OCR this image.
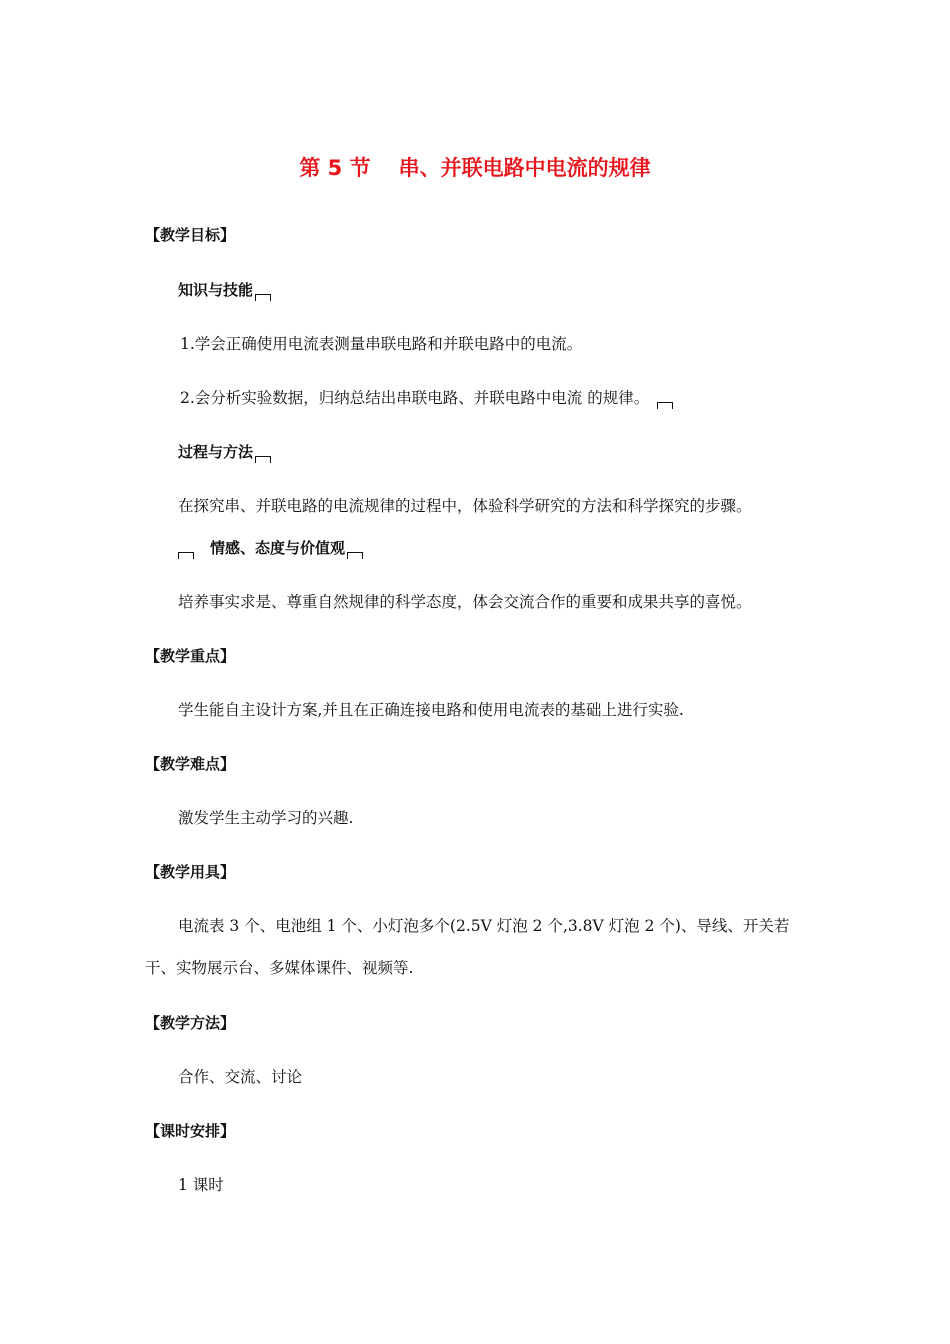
第 5 节 串、并联电路中电流的规律
【教学目标】
知识与技能
1.学会正确使用电流表测量串联电路和并联电路中的电流。
2.会分析实验数据，归纳总结出串联电路、并联电路中电流 的规律。
过程与方法
在探究串、并联电路的电流规律的过程中，体验科学研究的方法和科学探究的步骤。
情感、态度与价值观
培养事实求是、尊重自然规律的科学态度，体会交流合作的重要和成果共享的喜悦。
【教学重点】
学生能自主设计方案,并且在正确连接电路和使用电流表的基础上进行实验.
【教学难点】
激发学生主动学习的兴趣.
【教学用具】
电流表 3 个、电池组 1 个、小灯泡多个(2.5V 灯泡 2 个,3.8V 灯泡 2 个)、导线、开关若
干、实物展示台、多媒体课件、视频等.
【教学方法】
合作、交流、讨论
【课时安排】
1 课时
